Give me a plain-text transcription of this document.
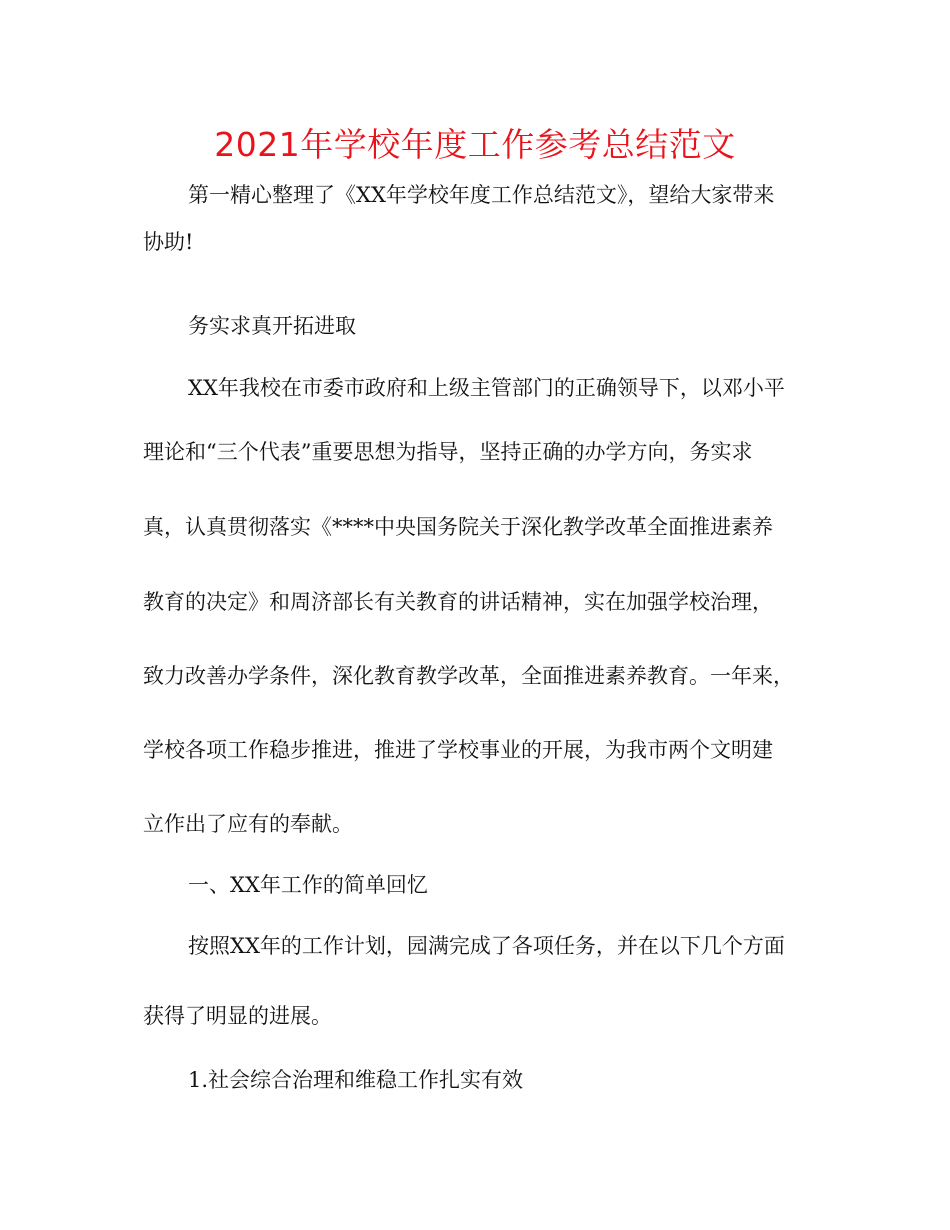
2021年学校年度工作参考总结范文
第一精心整理了《XX年学校年度工作总结范文》，望给大家带来
协助!
务实求真开拓进取
XX年我校在市委市政府和上级主管部门的正确领导下，以邓小平
理论和“三个代表”重要思想为指导，坚持正确的办学方向，务实求
真，认真贯彻落实《****中央国务院关于深化教学改革全面推进素养
教育的决定》和周济部长有关教育的讲话精神，实在加强学校治理，
致力改善办学条件，深化教育教学改革，全面推进素养教育。一年来，
学校各项工作稳步推进，推进了学校事业的开展，为我市两个文明建
立作出了应有的奉献。
一、XX年工作的简单回忆
按照XX年的工作计划，园满完成了各项任务，并在以下几个方面
获得了明显的进展。
1.社会综合治理和维稳工作扎实有效
